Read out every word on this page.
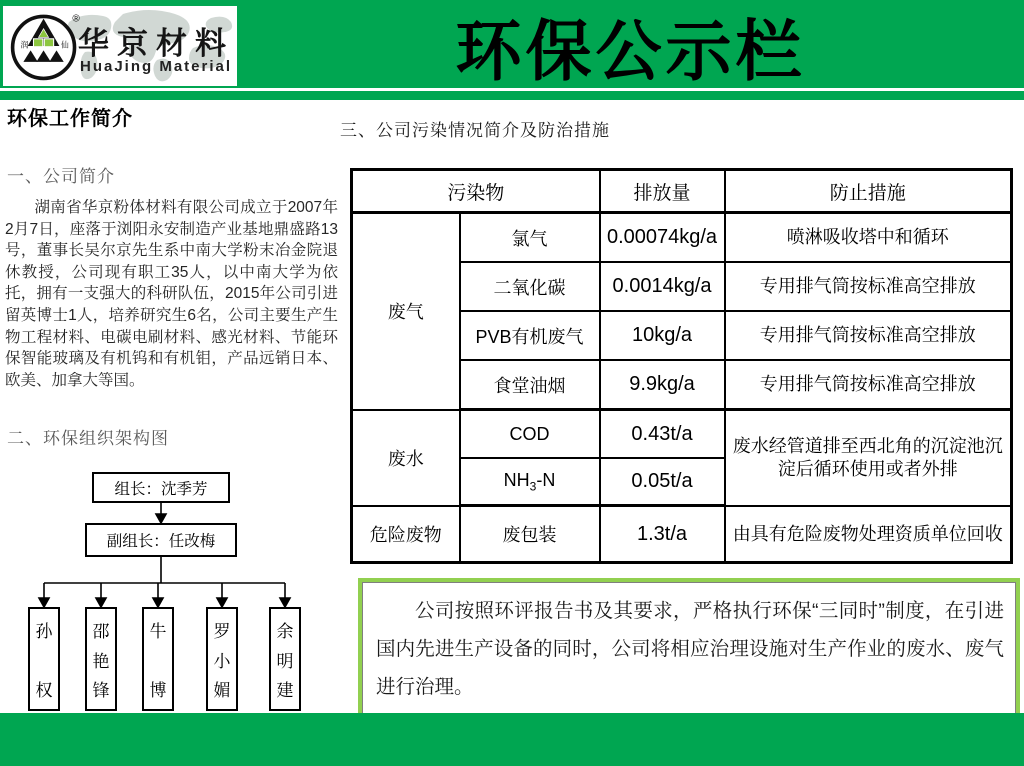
润	仙
®
华京材料
HuaJing Material	环保公示栏
环保工作简介
一、公司简介
湖南省华京粉体材料有限公司成立于2007年2月7日，座落于浏阳永安制造产业基地鼎盛路13号，董事长吴尔京先生系中南大学粉末冶金院退休教授，公司现有职工35人，以中南大学为依托，拥有一支强大的科研队伍，2015年公司引进留英博士1人，培养研究生6名，公司主要生产生物工程材料、电碳电刷材料、感光材料、节能环保智能玻璃及有机钨和有机钼，产品远销日本、欧美、加拿大等国。
二、环保组织架构图
组长：沈季芳
副组长：任改梅
孙
权
邵
艳
锋
牛
博
罗
小
媚
余
明
建
三、公司污染情况简介及防治措施
污染物		排放量	防止措施
废气	氯气	0.00074kg/a	喷淋吸收塔中和循环
	二氧化碳	0.0014kg/a	专用排气筒按标准高空排放
	PVB有机废气	10kg/a	专用排气筒按标准高空排放
	食堂油烟	9.9kg/a	专用排气筒按标准高空排放
废水	COD	0.43t/a	废水经管道排至西北角的沉淀池沉淀后循环使用或者外排
	$NH_3-N$	0.05t/a	
危险废物	废包装	1.3t/a	由具有危险废物处理资质单位回收
公司按照环评报告书及其要求，严格执行环保“三同时”制度，在引进国内先进生产设备的同时，公司将相应治理设施对生产作业的废水、废气进行治理。
